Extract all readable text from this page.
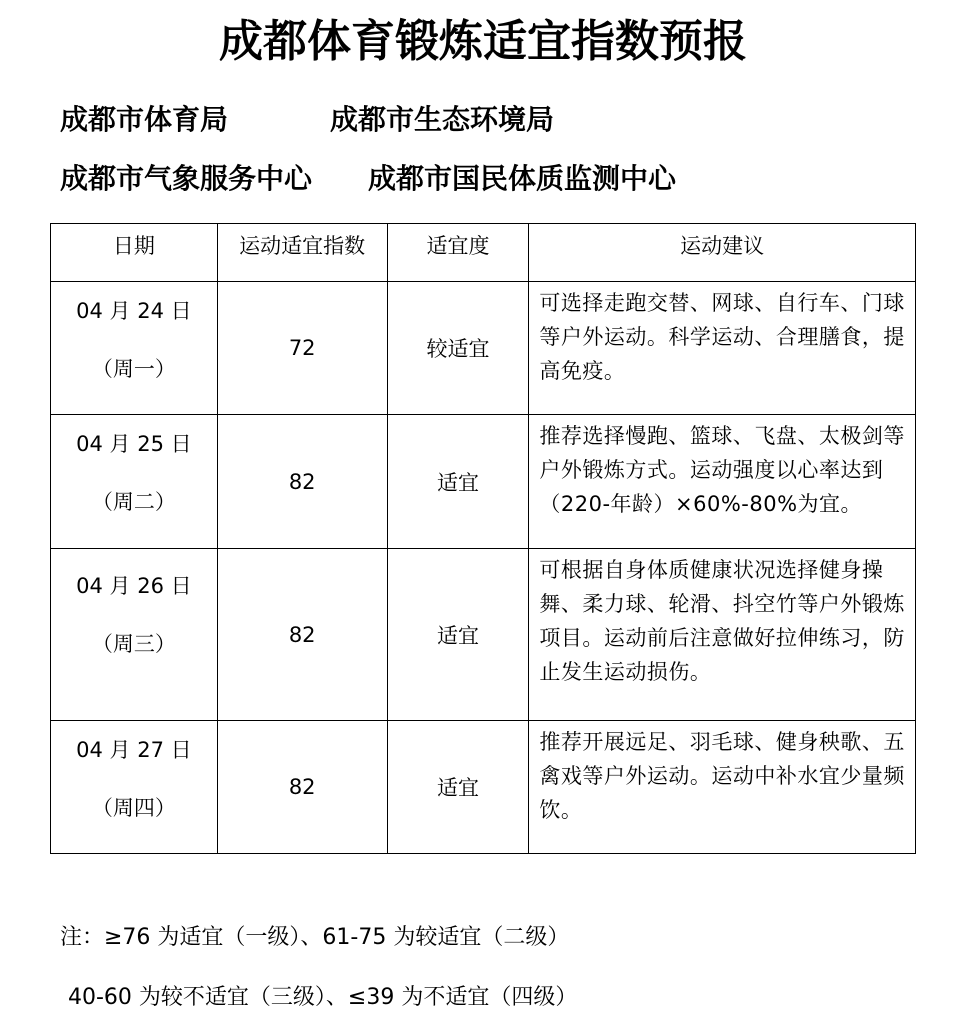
成都体育锻炼适宜指数预报
成都市体育局	成都市生态环境局
成都市气象服务中心 成都市国民体质监测中心
日期	运动适宜指数	适宜度	运动建议

04 月 24 日
（周一）	72	较适宜	可选择走跑交替、网球、自行车、门球等户外运动。科学运动、合理膳食，提高免疫。

04 月 25 日
（周二）	82	适宜	推荐选择慢跑、篮球、飞盘、太极剑等户外锻炼方式。运动强度以心率达到（220-年龄）×60%-80%为宜。

04 月 26 日
（周三）	82	适宜	可根据自身体质健康状况选择健身操舞、柔力球、轮滑、抖空竹等户外锻炼项目。运动前后注意做好拉伸练习，防止发生运动损伤。

04 月 27 日
（周四）	82	适宜	推荐开展远足、羽毛球、健身秧歌、五禽戏等户外运动。运动中补水宜少量频饮。
注：≥76 为适宜（一级）、61-75 为较适宜（二级）
40-60 为较不适宜（三级）、≤39 为不适宜（四级）
